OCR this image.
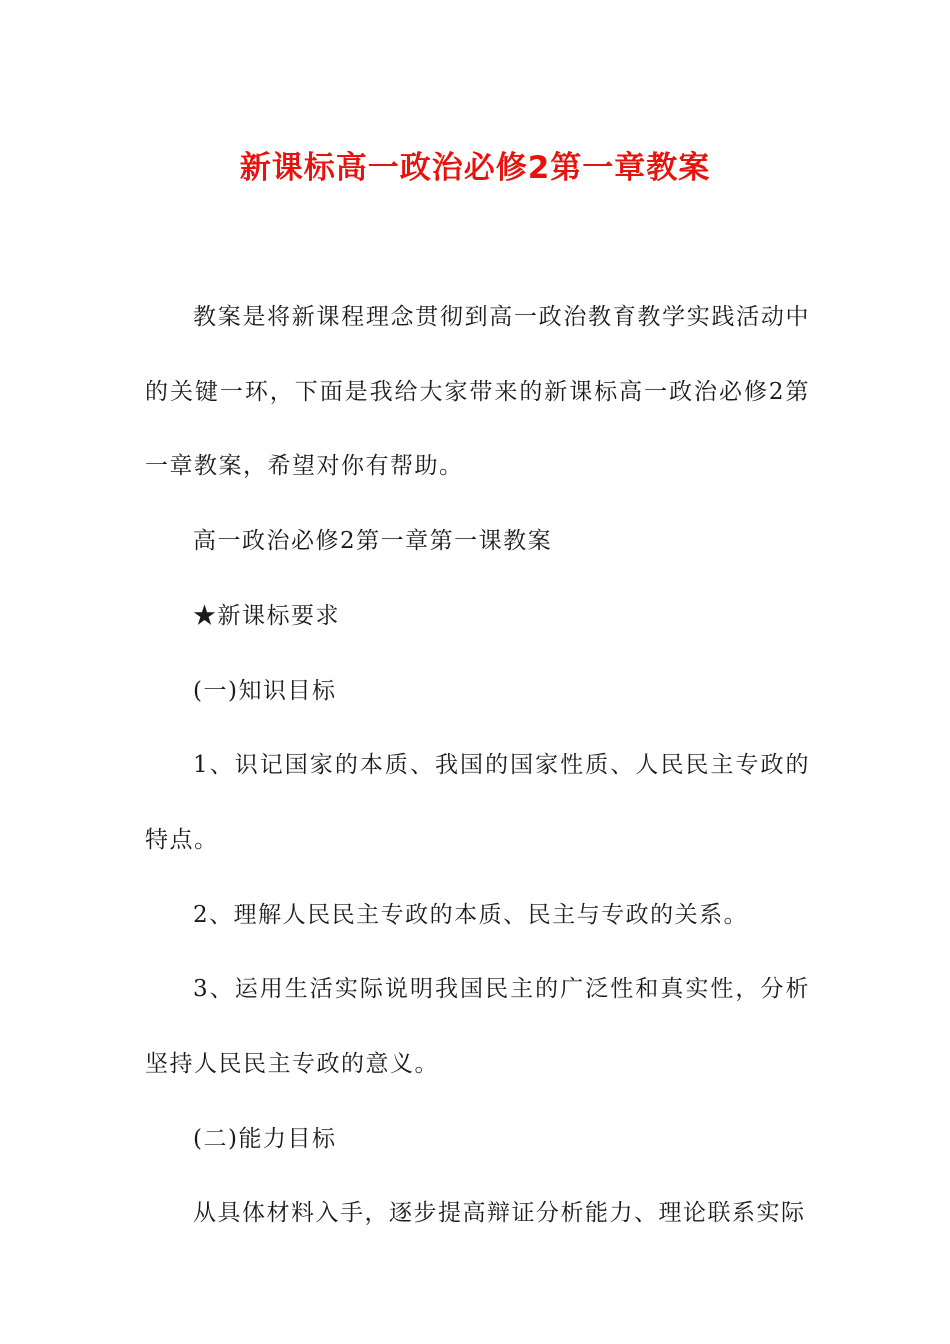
新课标高一政治必修2第一章教案

教案是将新课程理念贯彻到高一政治教育教学实践活动中的关键一环，下面是我给大家带来的新课标高一政治必修2第一章教案，希望对你有帮助。

高一政治必修2第一章第一课教案

★新课标要求

(一)知识目标

1、识记国家的本质、我国的国家性质、人民民主专政的特点。

2、理解人民民主专政的本质、民主与专政的关系。

3、运用生活实际说明我国民主的广泛性和真实性，分析坚持人民民主专政的意义。

(二)能力目标

从具体材料入手，逐步提高辩证分析能力、理论联系实际
